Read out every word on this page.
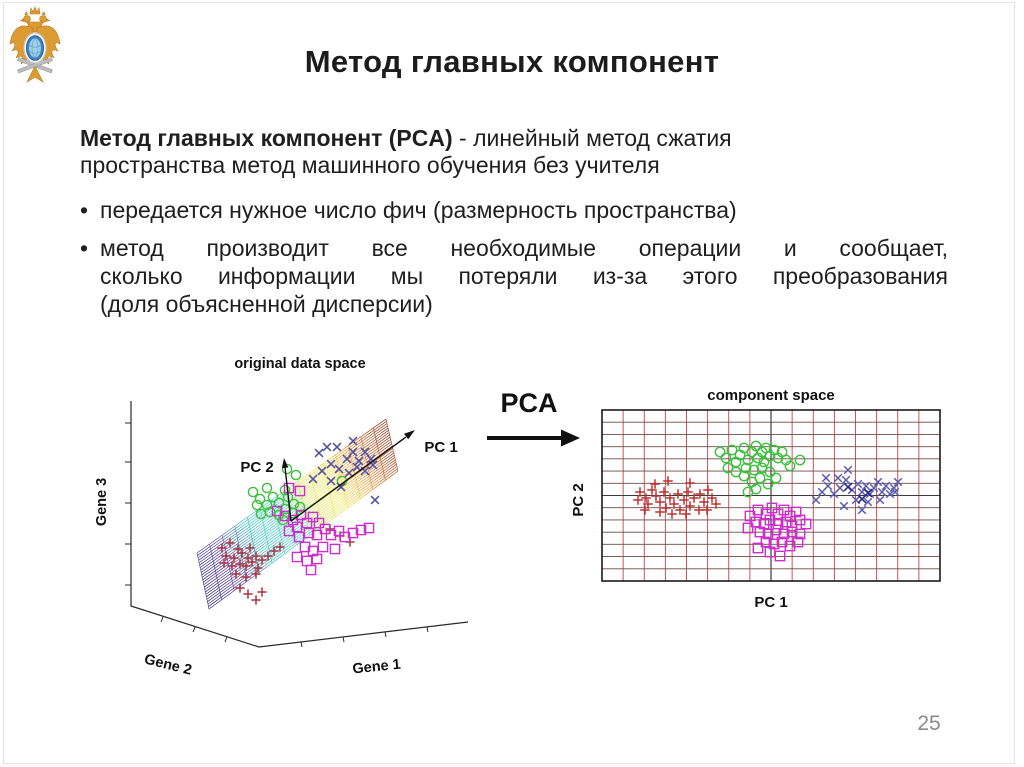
Метод главных компонент
Метод главных компонент (PCA) - линейный метод сжатия
пространства метод машинного обучения без учителя
• передается нужное число фич (размерность пространства)
• метод производит все необходимые операции и сообщает,
сколько информации мы потеряли из-за этого преобразования
(доля объясненной дисперсии)
original data space
Gene 3
Gene 2	Gene 1
PC 2
PC 1
PCA	component space
PC 1
PC 2
25
